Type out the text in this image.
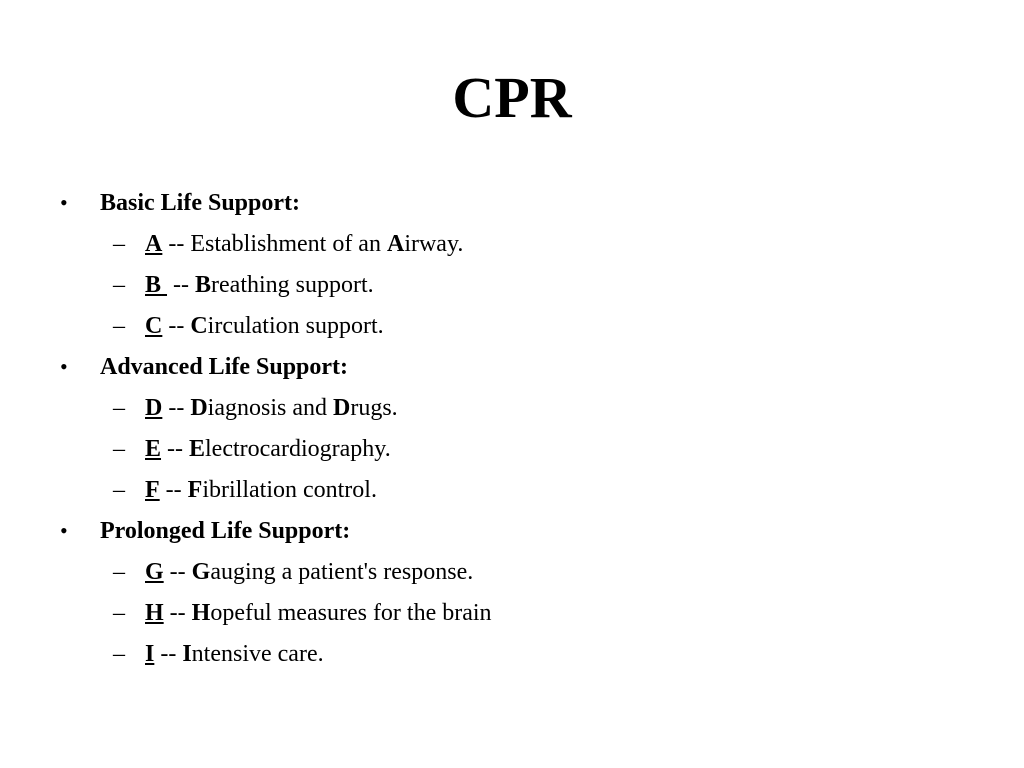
CPR
• Basic Life Support:
– A -- Establishment of an Airway.
– B  -- Breathing support.
– C -- Circulation support.
• Advanced Life Support:
– D -- Diagnosis and Drugs.
– E -- Electrocardiography.
– F -- Fibrillation control.
• Prolonged Life Support:
– G -- Gauging a patient's response.
– H -- Hopeful measures for the brain
– I -- Intensive care.
